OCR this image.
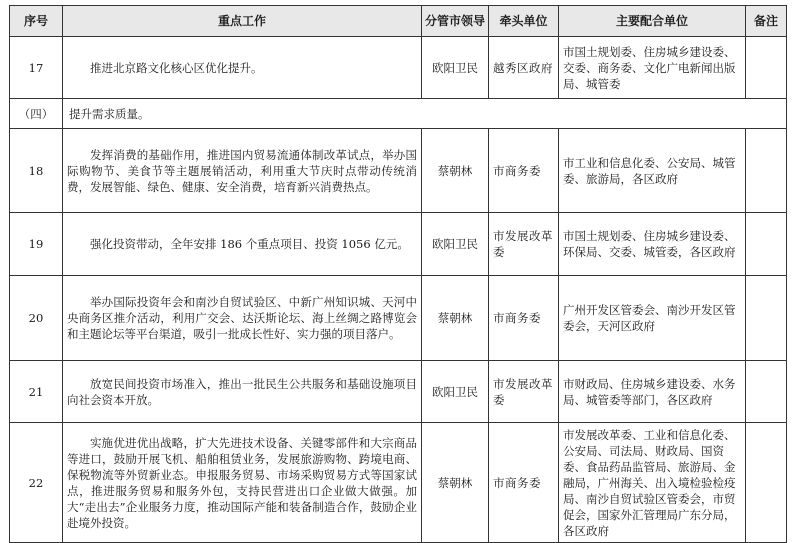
序号	重点工作	分管市领导	牵头单位	主要配合单位	备注
17	推进北京路文化核心区优化提升。	欧阳卫民	越秀区政府	市国土规划委、住房城乡建设委、交委、商务委、文化广电新闻出版局、城管委	
（四）	提升需求质量。				
18	发挥消费的基础作用，推进国内贸易流通体制改革试点，举办国际购物节、美食节等主题展销活动，利用重大节庆时点带动传统消费，发展智能、绿色、健康、安全消费，培育新兴消费热点。	蔡朝林	市商务委	市工业和信息化委、公安局、城管委、旅游局，各区政府	
19	强化投资带动，全年安排 186 个重点项目、投资 1056 亿元。	欧阳卫民	市发展改革委	市国土规划委、住房城乡建设委、环保局、交委、城管委，各区政府	
20	举办国际投资年会和南沙自贸试验区、中新广州知识城、天河中央商务区推介活动，利用广交会、达沃斯论坛、海上丝绸之路博览会和主题论坛等平台渠道，吸引一批成长性好、实力强的项目落户。	蔡朝林	市商务委	广州开发区管委会、南沙开发区管委会，天河区政府	
21	放宽民间投资市场准入，推出一批民生公共服务和基础设施项目向社会资本开放。	欧阳卫民	市发展改革委	市财政局、住房城乡建设委、水务局、城管委等部门，各区政府	
22	实施优进优出战略，扩大先进技术设备、关键零部件和大宗商品等进口，鼓励开展飞机、船舶租赁业务，发展旅游购物、跨境电商、保税物流等外贸新业态。申报服务贸易、市场采购贸易方式等国家试点，推进服务贸易和服务外包，支持民营进出口企业做大做强。加大“走出去”企业服务力度，推动国际产能和装备制造合作，鼓励企业赴境外投资。	蔡朝林	市商务委	市发展改革委、工业和信息化委、公安局、司法局、财政局、国资委、食品药品监管局、旅游局、金融局，广州海关、出入境检验检疫局、南沙自贸试验区管委会，市贸促会，国家外汇管理局广东分局，各区政府	
